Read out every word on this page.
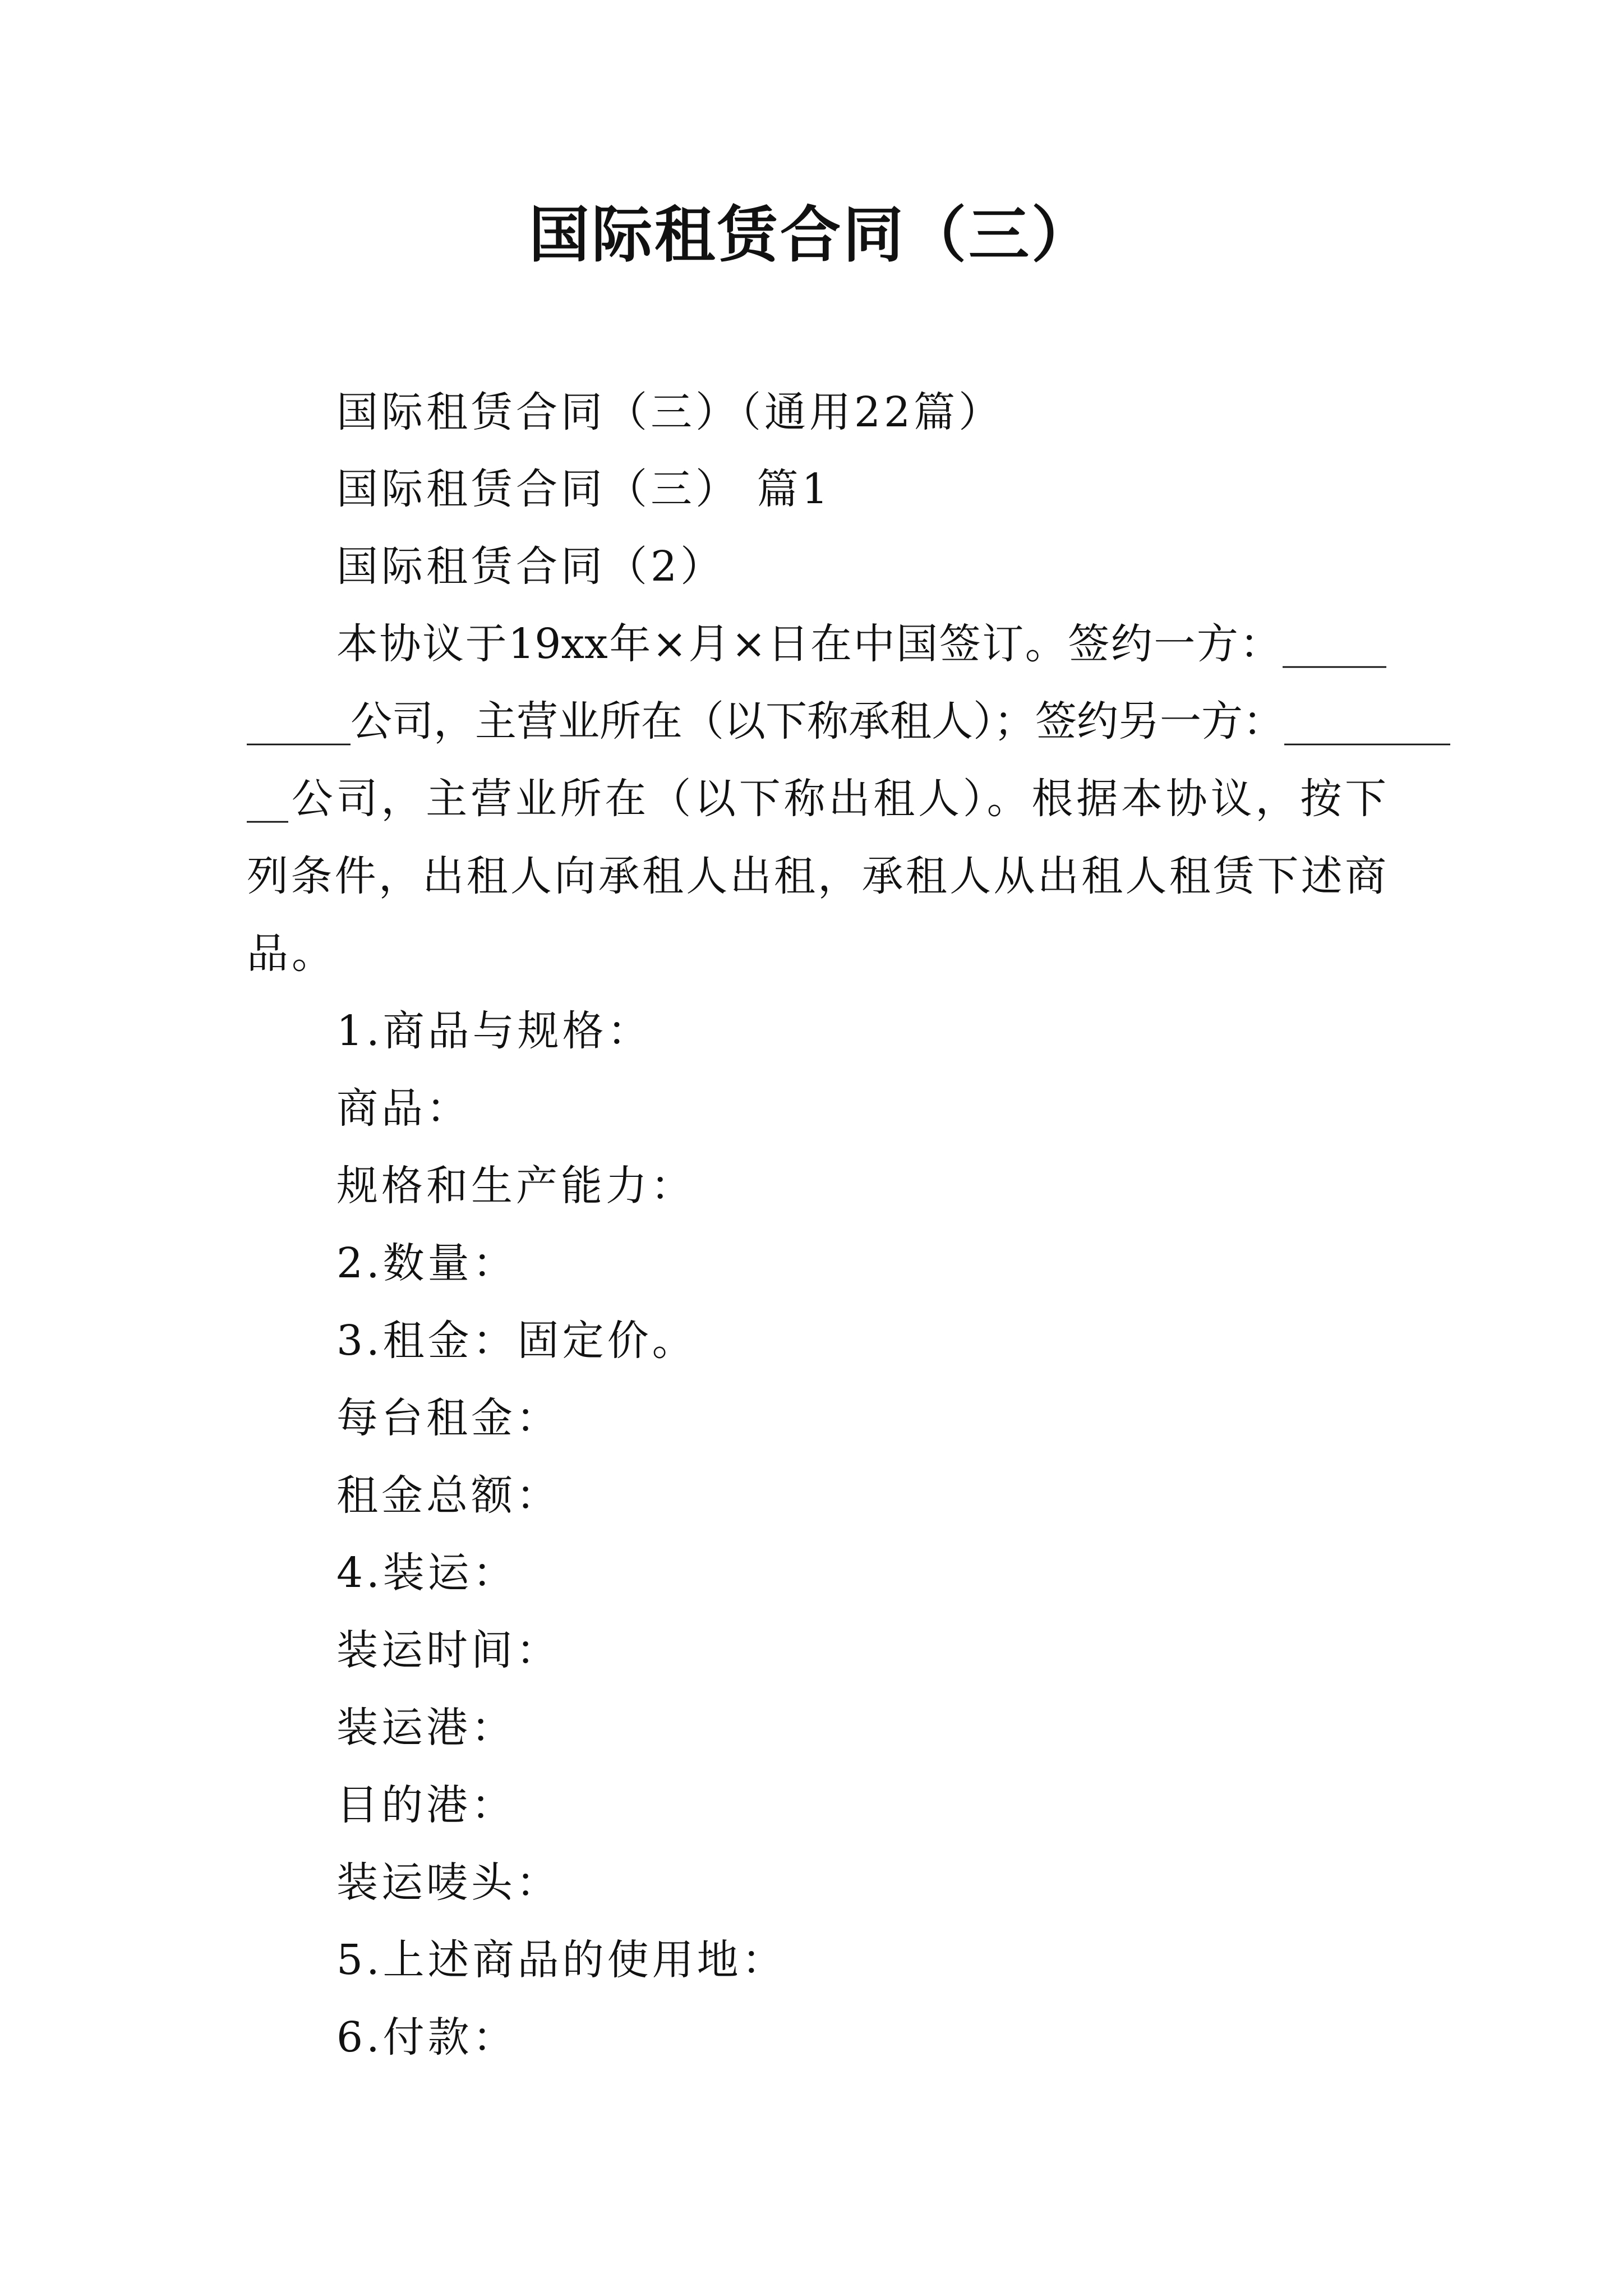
国际租赁合同（三）
国际租赁合同（三）（通用22篇）
国际租赁合同（三） 篇1
国际租赁合同（2）
本协议于19xx年×月×日在中国签订。签约一方：_____
_____公司，主营业所在（以下称承租人）；签约另一方：________
__公司，主营业所在（以下称出租人）。根据本协议，按下
列条件，出租人向承租人出租，承租人从出租人租赁下述商
品。
1.商品与规格：
商品：
规格和生产能力：
2.数量：
3.租金：固定价。
每台租金：
租金总额：
4.装运：
装运时间：
装运港：
目的港：
装运唛头：
5.上述商品的使用地：
6.付款：
